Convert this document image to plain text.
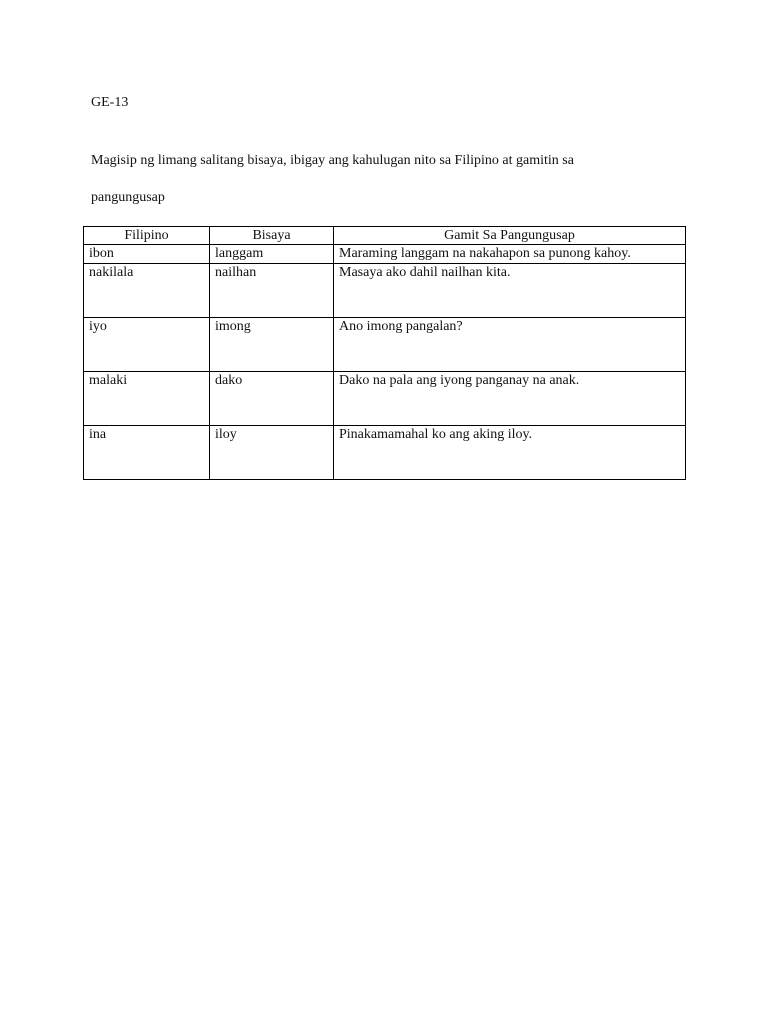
GE-13
Magisip ng limang salitang bisaya, ibigay ang kahulugan nito sa Filipino at gamitin sa pangungusap
Filipino	Bisaya	Gamit Sa Pangungusap
ibon	langgam	Maraming langgam na nakahapon sa punong kahoy.
nakilala	nailhan	Masaya ako dahil nailhan kita.
iyo	imong	Ano imong pangalan?
malaki	dako	Dako na pala ang iyong panganay na anak.
ina	iloy	Pinakamamahal ko ang aking iloy.
